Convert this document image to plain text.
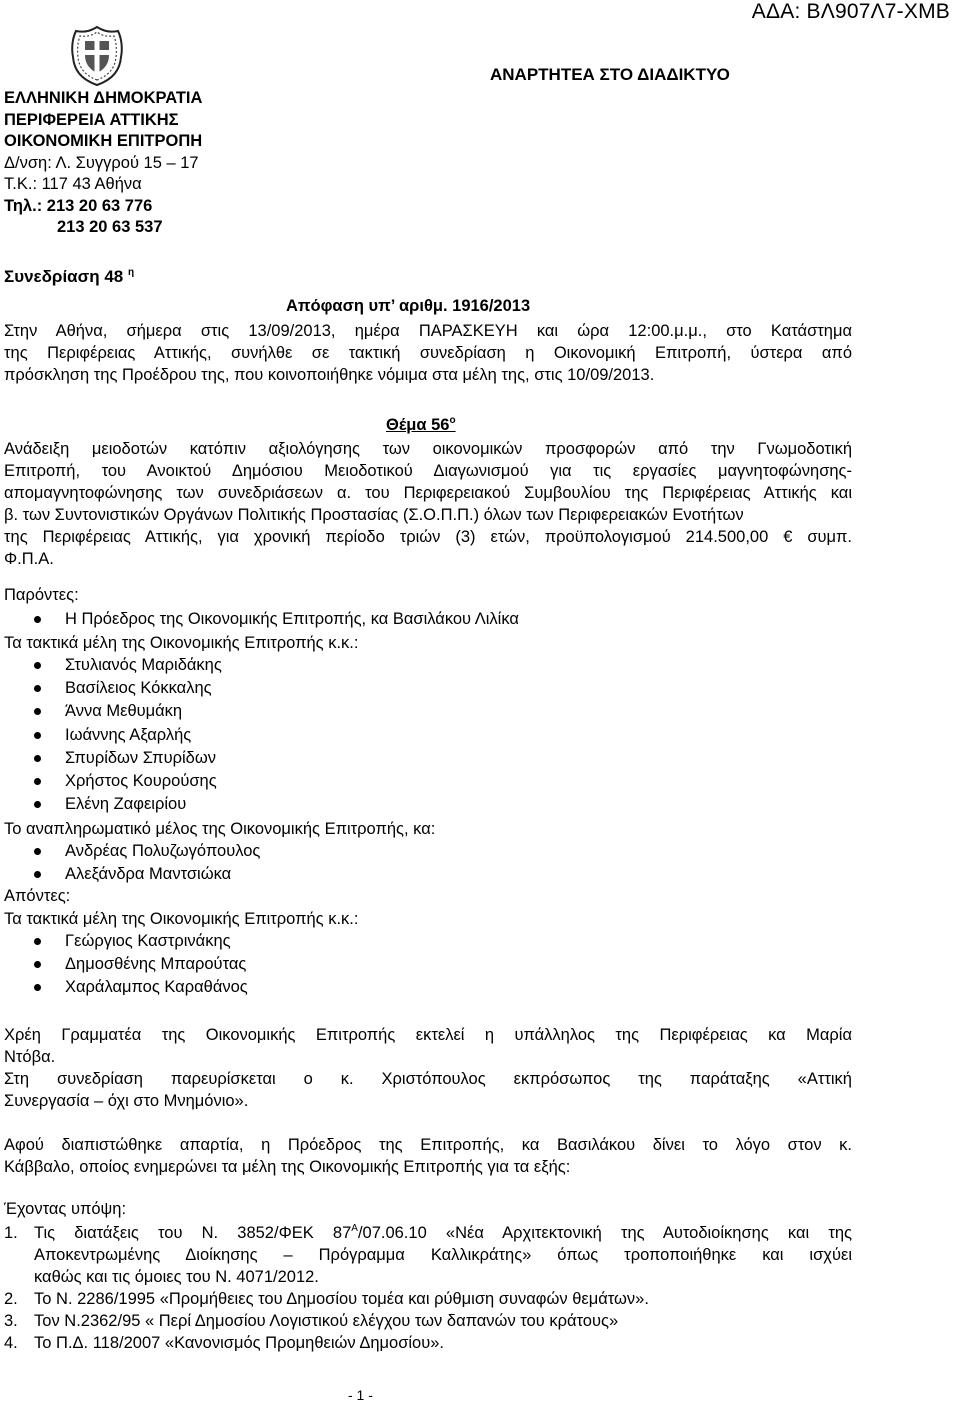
ΑΔΑ: ΒΛ907Λ7-ΧΜΒ
ΕΛΛΗΝΙΚΗ ΔΗΜΟΚΡΑΤΙΑ
ΠΕΡΙΦΕΡΕΙΑ ΑΤΤΙΚΗΣ
ΟΙΚΟΝΟΜΙΚΗ ΕΠΙΤΡΟΠΗ
Δ/νση: Λ. Συγγρού 15 – 17
Τ.Κ.: 117 43 Αθήνα
Τηλ.: 213 20 63 776
213 20 63 537
ΑΝΑΡΤΗΤΕΑ ΣΤΟ ΔΙΑΔΙΚΤΥΟ
Συνεδρίαση 48 $^\eta$
Απόφαση υπ’ αριθμ. 1916/2013
Στην Αθήνα, σήμερα στις 13/09/2013, ημέρα ΠΑΡΑΣΚΕΥΗ και ώρα 12:00.μ.μ., στο Κατάστημα
της Περιφέρειας Αττικής, συνήλθε σε τακτική συνεδρίαση η Οικονομική Επιτροπή, ύστερα από
πρόσκληση της Προέδρου της, που κοινοποιήθηκε νόμιμα στα μέλη της, στις 10/09/2013.
Θέμα $56^o$
Ανάδειξη μειοδοτών κατόπιν αξιολόγησης των οικονομικών προσφορών από την Γνωμοδοτική
Επιτροπή, του Ανοικτού Δημόσιου Μειοδοτικού Διαγωνισμού για τις εργασίες μαγνητοφώνησης-
απομαγνητοφώνησης των συνεδριάσεων α. του Περιφερειακού Συμβουλίου της Περιφέρειας Αττικής και
β. των Συντονιστικών Οργάνων Πολιτικής Προστασίας (Σ.Ο.Π.Π.) όλων των Περιφερειακών Ενοτήτων
της Περιφέρειας Αττικής, για χρονική περίοδο τριών (3) ετών, προϋπολογισμού 214.500,00 € συμπ.
Φ.Π.Α.
Παρόντες:
Η Πρόεδρος της Οικονομικής Επιτροπής, κα Βασιλάκου Λιλίκα
Τα τακτικά μέλη της Οικονομικής Επιτροπής κ.κ.:
Στυλιανός Μαριδάκης
Βασίλειος Κόκκαλης
Άννα Μεθυμάκη
Ιωάννης Αξαρλής
Σπυρίδων Σπυρίδων
Χρήστος Κουρούσης
Ελένη Ζαφειρίου
Το αναπληρωματικό μέλος της Οικονομικής Επιτροπής, κα:
Ανδρέας Πολυζωγόπουλος
Αλεξάνδρα Μαντσιώκα
Απόντες:
Τα τακτικά μέλη της Οικονομικής Επιτροπής κ.κ.:
Γεώργιος Καστρινάκης
Δημοσθένης Μπαρούτας
Χαράλαμπος Καραθάνος
Χρέη Γραμματέα της Οικονομικής Επιτροπής εκτελεί η υπάλληλος της Περιφέρειας κα Μαρία
Ντόβα.
Στη συνεδρίαση παρευρίσκεται ο κ. Χριστόπουλος εκπρόσωπος της παράταξης «Αττική
Συνεργασία – όχι στο Μνημόνιο».
Αφού διαπιστώθηκε απαρτία, η Πρόεδρος της Επιτροπής, κα Βασιλάκου δίνει το λόγο στον κ.
Κάββαλο, οποίος ενημερώνει τα μέλη της Οικονομικής Επιτροπής για τα εξής:
Έχοντας υπόψη:
1. Τις διατάξεις του Ν. 3852/ΦΕΚ $87^A/07.06.10$ «Νέα Αρχιτεκτονική της Αυτοδιοίκησης και της
Αποκεντρωμένης Διοίκησης – Πρόγραμμα Καλλικράτης» όπως τροποποιήθηκε και ισχύει
καθώς και τις όμοιες του Ν. 4071/2012.
2. Το Ν. 2286/1995 «Προμήθειες του Δημοσίου τομέα και ρύθμιση συναφών θεμάτων».
3. Τον Ν.2362/95 « Περί Δημοσίου Λογιστικού ελέγχου των δαπανών του κράτους»
4. Το Π.Δ. 118/2007 «Κανονισμός Προμηθειών Δημοσίου».
- 1 -
